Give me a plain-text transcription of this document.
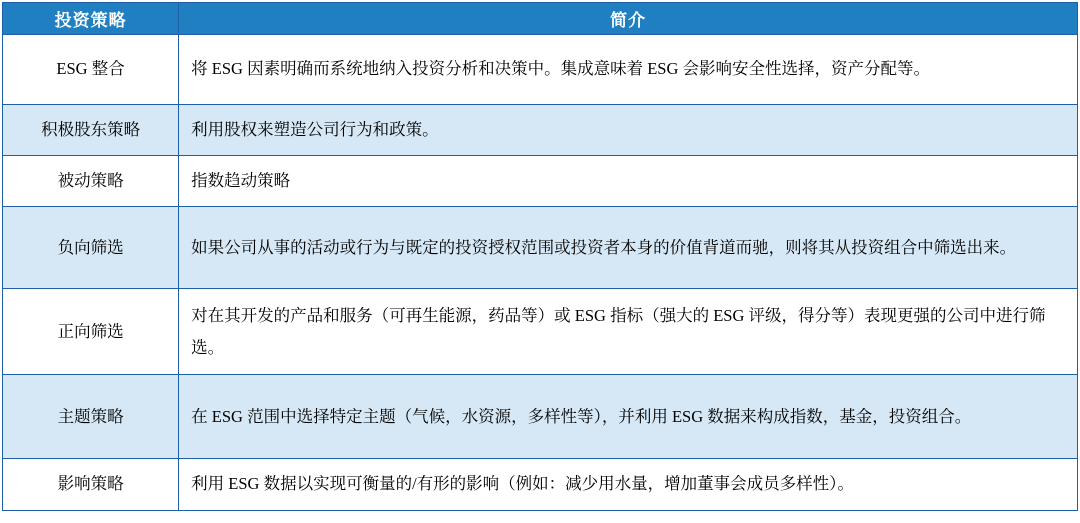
投资策略	简介
ESG 整合	将 ESG 因素明确而系统地纳入投资分析和决策中。集成意味着 ESG 会影响安全性选择，资产分配等。
积极股东策略	利用股权来塑造公司行为和政策。
被动策略	指数趋动策略
负向筛选	如果公司从事的活动或行为与既定的投资授权范围或投资者本身的价值背道而驰，则将其从投资组合中筛选出来。
正向筛选	对在其开发的产品和服务（可再生能源，药品等）或 ESG 指标（强大的 ESG 评级，得分等）表现更强的公司中进行筛选。
主题策略	在 ESG 范围中选择特定主题（气候，水资源，多样性等），并利用 ESG 数据来构成指数，基金，投资组合。
影响策略	利用 ESG 数据以实现可衡量的/有形的影响（例如：减少用水量，增加董事会成员多样性）。
